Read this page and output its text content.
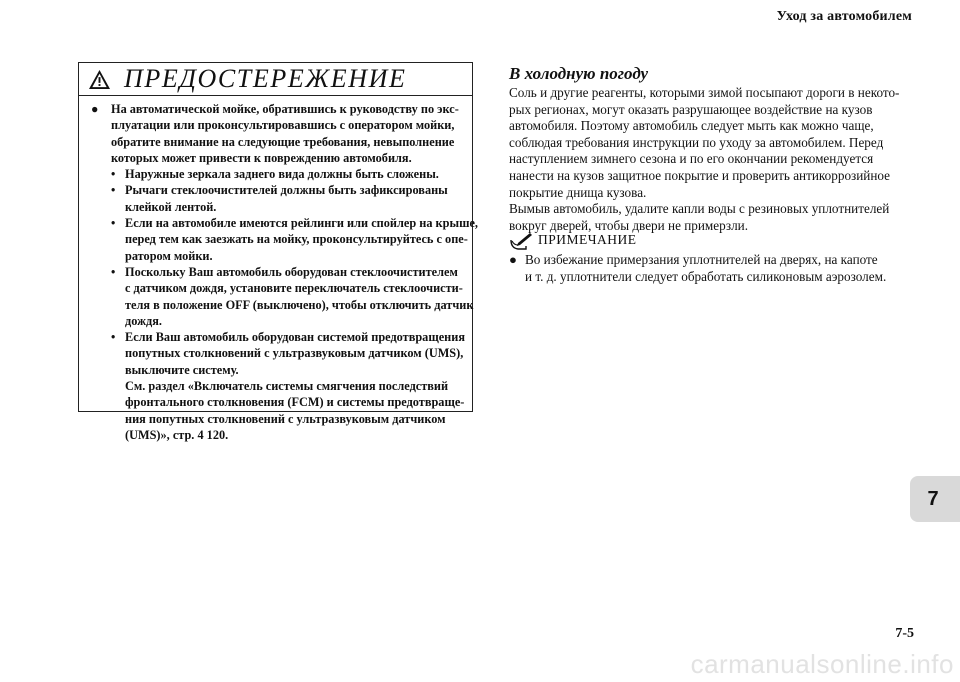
Уход за автомобилем
ПРЕДОСТЕРЕЖЕНИЕ
● На автоматической мойке, обратившись к руководству по экс-
плуатации или проконсультировавшись с оператором мойки,
обратите внимание на следующие требования, невыполнение
которых может привести к повреждению автомобиля.
• Наружные зеркала заднего вида должны быть сложены.
• Рычаги стеклоочистителей должны быть зафиксированы
клейкой лентой.
• Если на автомобиле имеются рейлинги или спойлер на крыше,
перед тем как заезжать на мойку, проконсультируйтесь с опе-
ратором мойки.
• Поскольку Ваш автомобиль оборудован стеклоочистителем
с датчиком дождя, установите переключатель стеклоочисти-
теля в положение OFF (выключено), чтобы отключить датчик
дождя.
• Если Ваш автомобиль оборудован системой предотвращения
попутных столкновений с ультразвуковым датчиком (UMS),
выключите систему.
См. раздел «Включатель системы смягчения последствий
фронтального столкновения (FCM) и системы предотвраще-
ния попутных столкновений с ультразвуковым датчиком
(UMS)», стр. 4 120.
В холодную погоду
Соль и другие реагенты, которыми зимой посыпают дороги в некото-
рых регионах, могут оказать разрушающее воздействие на кузов
автомобиля. Поэтому автомобиль следует мыть как можно чаще,
соблюдая требования инструкции по уходу за автомобилем. Перед
наступлением зимнего сезона и по его окончании рекомендуется
нанести на кузов защитное покрытие и проверить антикоррозийное
покрытие днища кузова.
Вымыв автомобиль, удалите капли воды с резиновых уплотнителей
вокруг дверей, чтобы двери не примерзли.
ПРИМЕЧАНИЕ
● Во избежание примерзания уплотнителей на дверях, на капоте
и т. д. уплотнители следует обработать силиконовым аэрозолем.
7
7-5
carmanualsonline.info
